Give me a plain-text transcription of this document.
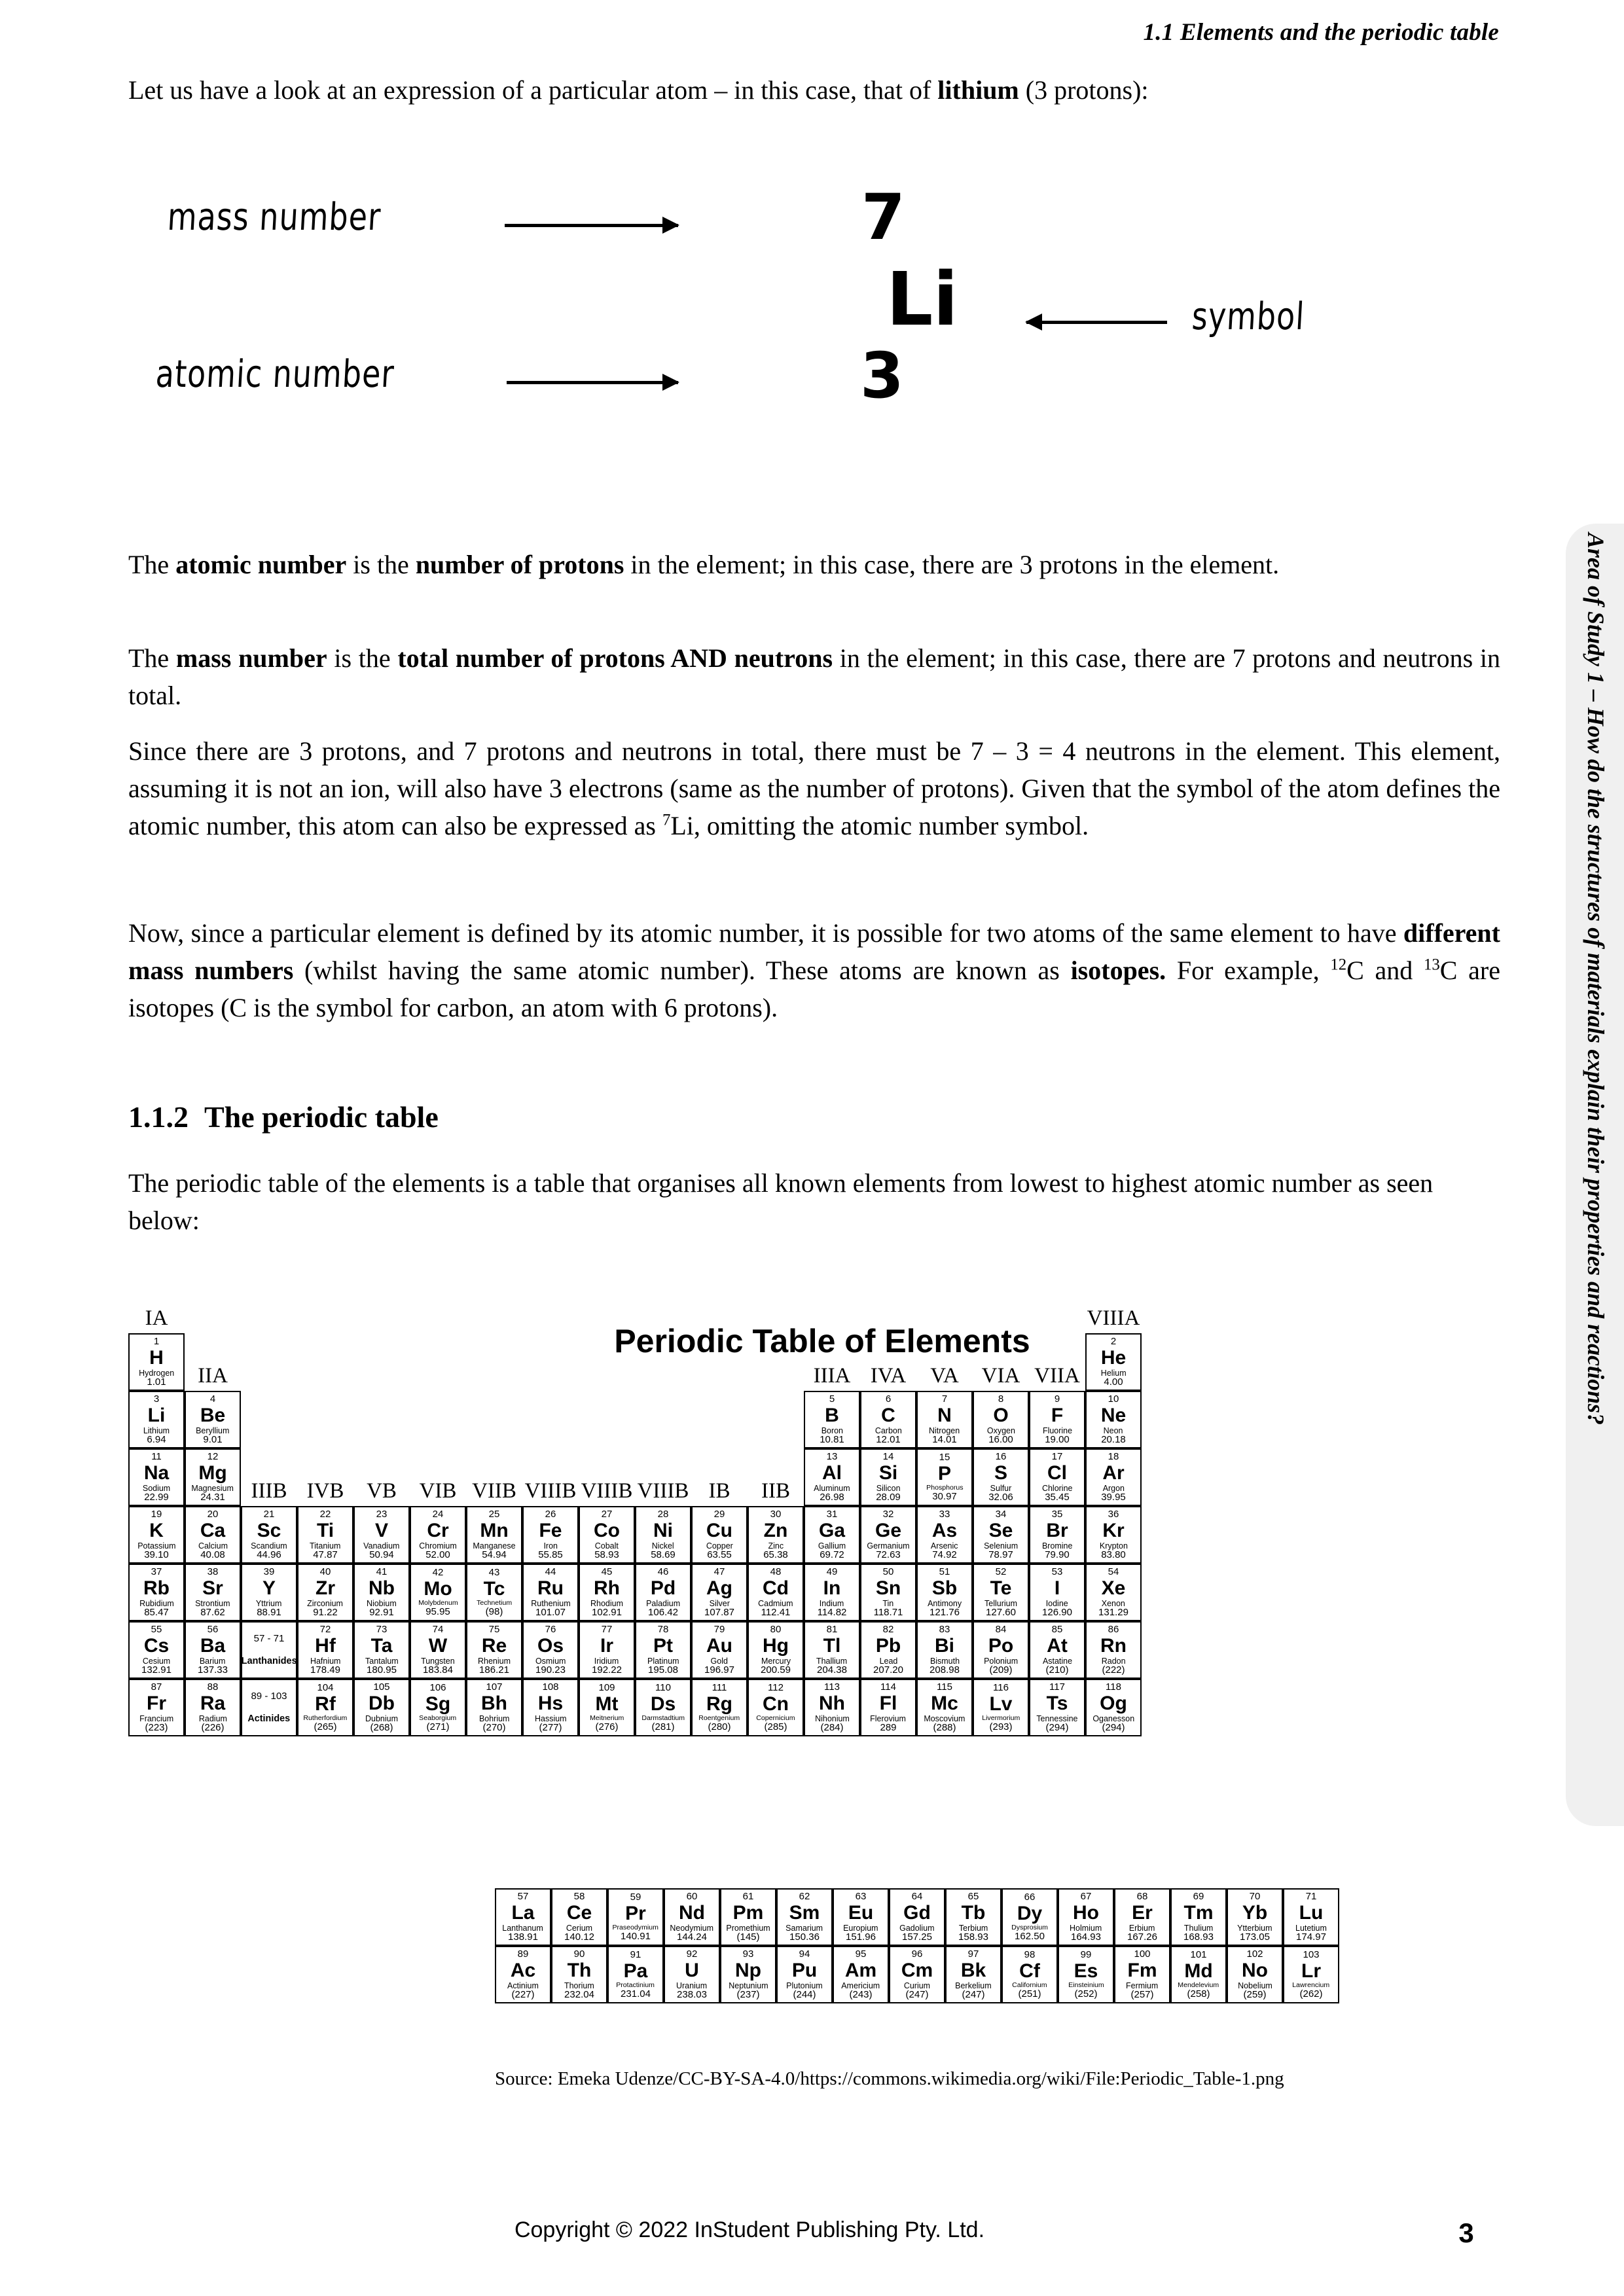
1.1 Elements and the periodic table
Area of Study 1 – How do the structures of materials explain their properties and reactions?

Let us have a look at an expression of a particular atom – in this case, that of lithium (3 protons):

mass number	7
Li	symbol
atomic number	3

The atomic number is the number of protons in the element; in this case, there are 3 protons in the element.

The mass number is the total number of protons AND neutrons in the element; in this case, there are 7 protons and neutrons in total.

Since there are 3 protons, and 7 protons and neutrons in total, there must be 7 – 3 = 4 neutrons in the element. This element, assuming it is not an ion, will also have 3 electrons (same as the number of protons). Given that the symbol of the atom defines the atomic number, this atom can also be expressed as $^7$Li, omitting the atomic number symbol.

Now, since a particular element is defined by its atomic number, it is possible for two atoms of the same element to have different mass numbers (whilst having the same atomic number). These atoms are known as isotopes. For example, $^{12}$C and $^{13}$C are isotopes (C is the symbol for carbon, an atom with 6 protons).

1.1.2 The periodic table

The periodic table of the elements is a table that organises all known elements from lowest to highest atomic number as seen below:

Periodic Table of Elements
IA																	VIIIA

1
H
Hydrogen
1.01	IIA											IIIA	IVA	VA	VIA	VIIA	2
He
Helium
4.00

3
Li
Lithium
6.94	4
Be
Beryllium
9.01											5
B
Boron
10.81	6
C
Carbon
12.01	7
N
Nitrogen
14.01	8
O
Oxygen
16.00	9
F
Fluorine
19.00	10
Ne
Neon
20.18

11
Na
Sodium
22.99	12
Mg
Magnesium
24.31	IIIB	IVB	VB	VIB	VIIB	VIIIB	VIIIB	VIIIB	IB	IIB	13
Al
Aluminum
26.98	14
Si
Silicon
28.09	15
P
Phosphorus
30.97	16
S
Sulfur
32.06	17
Cl
Chlorine
35.45	18
Ar
Argon
39.95

19
K
Potassium
39.10	20
Ca
Calcium
40.08	21
Sc
Scandium
44.96	22
Ti
Titanium
47.87	23
V
Vanadium
50.94	24
Cr
Chromium
52.00	25
Mn
Manganese
54.94	26
Fe
Iron
55.85	27
Co
Cobalt
58.93	28
Ni
Nickel
58.69	29
Cu
Copper
63.55	30
Zn
Zinc
65.38	31
Ga
Gallium
69.72	32
Ge
Germanium
72.63	33
As
Arsenic
74.92	34
Se
Selenium
78.97	35
Br
Bromine
79.90	36
Kr
Krypton
83.80

37
Rb
Rubidium
85.47	38
Sr
Strontium
87.62	39
Y
Yttrium
88.91	40
Zr
Zirconium
91.22	41
Nb
Niobium
92.91	42
Mo
Molybdenum
95.95	43
Tc
Technetium
(98)	44
Ru
Ruthenium
101.07	45
Rh
Rhodium
102.91	46
Pd
Paladium
106.42	47
Ag
Silver
107.87	48
Cd
Cadmium
112.41	49
In
Indium
114.82	50
Sn
Tin
118.71	51
Sb
Antimony
121.76	52
Te
Tellurium
127.60	53
I
Iodine
126.90	54
Xe
Xenon
131.29

55
Cs
Cesium
132.91	56
Ba
Barium
137.33	57 - 71
Lanthanides	72
Hf
Hafnium
178.49	73
Ta
Tantalum
180.95	74
W
Tungsten
183.84	75
Re
Rhenium
186.21	76
Os
Osmium
190.23	77
Ir
Iridium
192.22	78
Pt
Platinum
195.08	79
Au
Gold
196.97	80
Hg
Mercury
200.59	81
Tl
Thallium
204.38	82
Pb
Lead
207.20	83
Bi
Bismuth
208.98	84
Po
Polonium
(209)	85
At
Astatine
(210)	86
Rn
Radon
(222)

87
Fr
Francium
(223)	88
Ra
Radium
(226)	89 - 103
Actinides	104
Rf
Rutherfordium
(265)	105
Db
Dubnium
(268)	106
Sg
Seaborgium
(271)	107
Bh
Bohrium
(270)	108
Hs
Hassium
(277)	109
Mt
Meitnerium
(276)	110
Ds
Darmstadtium
(281)	111
Rg
Roentgenium
(280)	112
Cn
Copernicium
(285)	113
Nh
Nihonium
(284)	114
Fl
Flerovium
289	115
Mc
Moscovium
(288)	116
Lv
Livermorium
(293)	117
Ts
Tennessine
(294)	118
Og
Oganesson
(294)
57
La
Lanthanum
138.91	58
Ce
Cerium
140.12	59
Pr
Praseodymium
140.91	60
Nd
Neodymium
144.24	61
Pm
Promethium
(145)	62
Sm
Samarium
150.36	63
Eu
Europium
151.96	64
Gd
Gadolium
157.25	65
Tb
Terbium
158.93	66
Dy
Dysprosium
162.50	67
Ho
Holmium
164.93	68
Er
Erbium
167.26	69
Tm
Thulium
168.93	70
Yb
Ytterbium
173.05	71
Lu
Lutetium
174.97

89
Ac
Actinium
(227)	90
Th
Thorium
232.04	91
Pa
Protactinium
231.04	92
U
Uranium
238.03	93
Np
Neptunium
(237)	94
Pu
Plutonium
(244)	95
Am
Americium
(243)	96
Cm
Curium
(247)	97
Bk
Berkelium
(247)	98
Cf
Californium
(251)	99
Es
Einsteinium
(252)	100
Fm
Fermium
(257)	101
Md
Mendelevium
(258)	102
No
Nobelium
(259)	103
Lr
Lawrencium
(262)
Source: Emeka Udenze/CC-BY-SA-4.0/https://commons.wikimedia.org/wiki/File:Periodic_Table-1.png
Copyright © 2022 InStudent Publishing Pty. Ltd.	3
